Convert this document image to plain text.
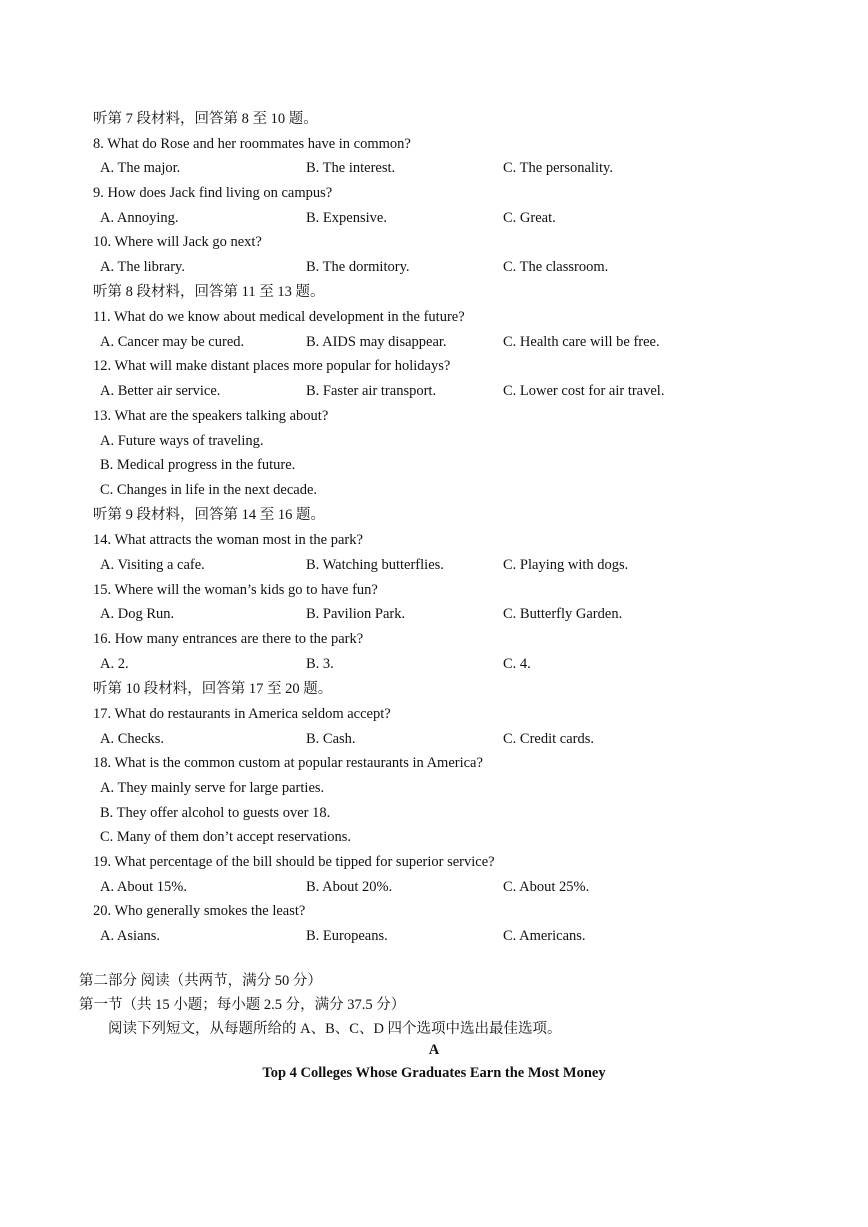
听第 7 段材料，回答第 8 至 10 题。
8. What do Rose and her roommates have in common?
A. The major.	B. The interest.	C. The personality.
9. How does Jack find living on campus?
A. Annoying.	B. Expensive.	C. Great.
10. Where will Jack go next?
A. The library.	B. The dormitory.	C. The classroom.
听第 8 段材料，回答第 11 至 13 题。
11. What do we know about medical development in the future?
A. Cancer may be cured.	B. AIDS may disappear.	C. Health care will be free.
12. What will make distant places more popular for holidays?
A. Better air service.	B. Faster air transport.	C. Lower cost for air travel.
13. What are the speakers talking about?
A. Future ways of traveling.
B. Medical progress in the future.
C. Changes in life in the next decade.
听第 9 段材料，回答第 14 至 16 题。
14. What attracts the woman most in the park?
A. Visiting a cafe.	B. Watching butterflies.	C. Playing with dogs.
15. Where will the woman’s kids go to have fun?
A. Dog Run.	B. Pavilion Park.	C. Butterfly Garden.
16. How many entrances are there to the park?
A. 2.	B. 3.	C. 4.
听第 10 段材料，回答第 17 至 20 题。
17. What do restaurants in America seldom accept?
A. Checks.	B. Cash.	C. Credit cards.
18. What is the common custom at popular restaurants in America?
A. They mainly serve for large parties.
B. They offer alcohol to guests over 18.
C. Many of them don’t accept reservations.
19. What percentage of the bill should be tipped for superior service?
A. About 15%.	B. About 20%.	C. About 25%.
20. Who generally smokes the least?
A. Asians.	B. Europeans.	C. Americans.
第二部分 阅读（共两节，满分 50 分）
第一节（共 15 小题；每小题 2.5 分，满分 37.5 分）
阅读下列短文，从每题所给的 A、B、C、D 四个选项中选出最佳选项。
A
Top 4 Colleges Whose Graduates Earn the Most Money
